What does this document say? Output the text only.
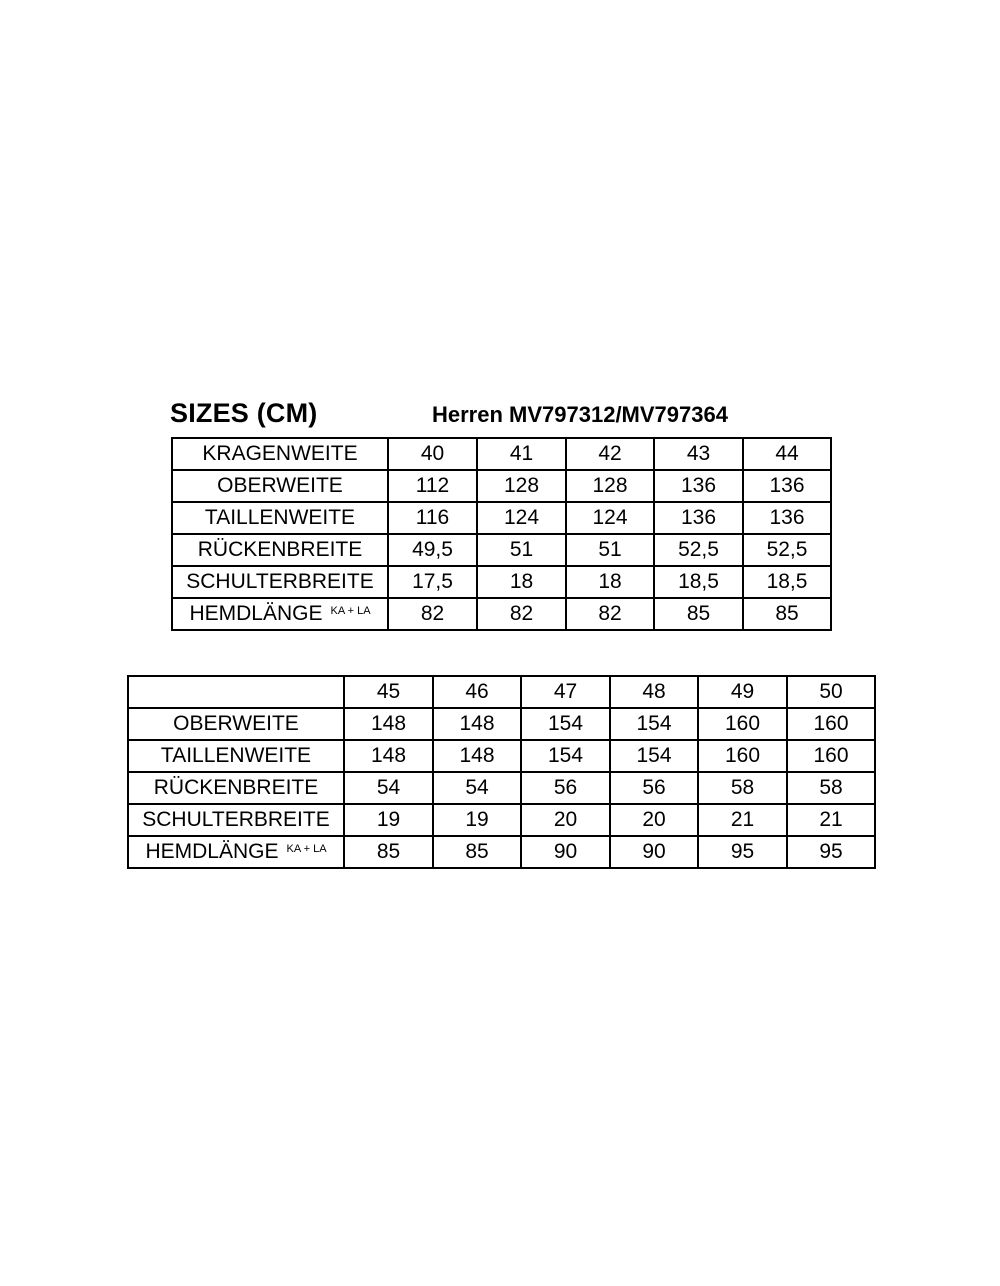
SIZES (CM)	Herren MV797312/MV797364
KRAGENWEITE	40	41	42	43	44
OBERWEITE	112	128	128	136	136
TAILLENWEITE	116	124	124	136	136
RÜCKENBREITE	49,5	51	51	52,5	52,5
SCHULTERBREITE	17,5	18	18	18,5	18,5
HEMDLÄNGE $^{KA + LA}$	82	82	82	85	85
	45	46	47	48	49	50
OBERWEITE	148	148	154	154	160	160
TAILLENWEITE	148	148	154	154	160	160
RÜCKENBREITE	54	54	56	56	58	58
SCHULTERBREITE	19	19	20	20	21	21
HEMDLÄNGE $^{KA + LA}$	85	85	90	90	95	95
